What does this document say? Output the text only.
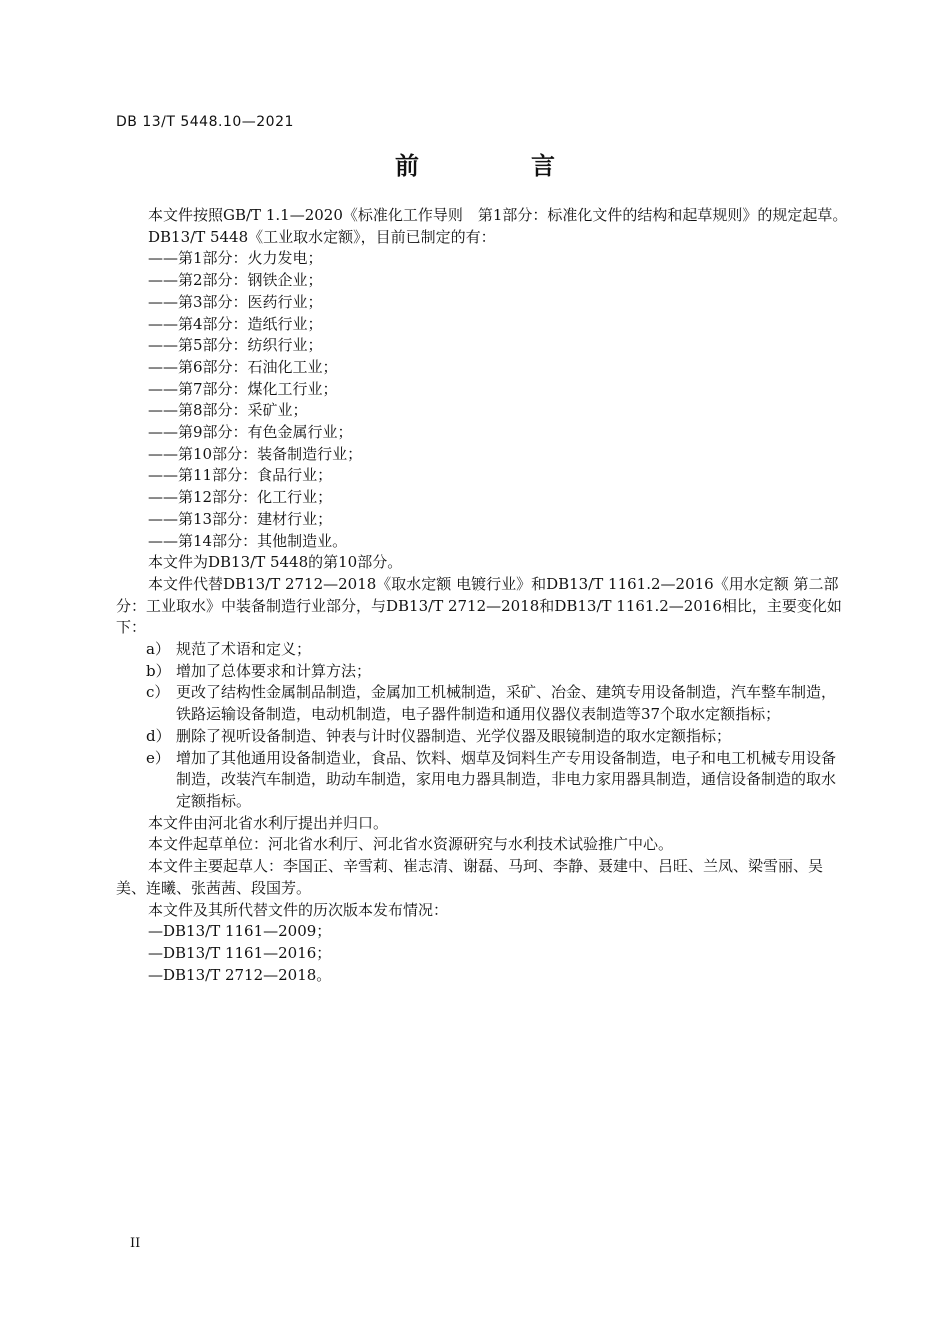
DB 13/T 5448.10—2021
前　言

本文件按照GB/T 1.1—2020《标准化工作导则　第1部分：标准化文件的结构和起草规则》的规定起草。

DB13/T 5448《工业取水定额》，目前已制定的有：

——第1部分：火力发电；

——第2部分：钢铁企业；

——第3部分：医药行业；

——第4部分：造纸行业；

——第5部分：纺织行业；

——第6部分：石油化工业；

——第7部分：煤化工行业；

——第8部分：采矿业；

——第9部分：有色金属行业；

——第10部分：装备制造行业；

——第11部分：食品行业；

——第12部分：化工行业；

——第13部分：建材行业；

——第14部分：其他制造业。

本文件为DB13/T 5448的第10部分。

本文件代替DB13/T 2712—2018《取水定额 电镀行业》和DB13/T 1161.2—2016《用水定额 第二部分：工业取水》中装备制造行业部分，与DB13/T 2712—2018和DB13/T 1161.2—2016相比，主要变化如下：

a） 规范了术语和定义；

b） 增加了总体要求和计算方法；

c） 更改了结构性金属制品制造，金属加工机械制造，采矿、冶金、建筑专用设备制造，汽车整车制造，铁路运输设备制造，电动机制造，电子器件制造和通用仪器仪表制造等37个取水定额指标；

d） 删除了视听设备制造、钟表与计时仪器制造、光学仪器及眼镜制造的取水定额指标；

e） 增加了其他通用设备制造业，食品、饮料、烟草及饲料生产专用设备制造，电子和电工机械专用设备制造，改装汽车制造，助动车制造，家用电力器具制造，非电力家用器具制造，通信设备制造的取水定额指标。

本文件由河北省水利厅提出并归口。

本文件起草单位：河北省水利厅、河北省水资源研究与水利技术试验推广中心。

本文件主要起草人：李国正、辛雪莉、崔志清、谢磊、马珂、李静、聂建中、吕旺、兰凤、梁雪丽、吴美、连曦、张茜茜、段国芳。

本文件及其所代替文件的历次版本发布情况：

—DB13/T 1161—2009；

—DB13/T 1161—2016；

—DB13/T 2712—2018。

II
